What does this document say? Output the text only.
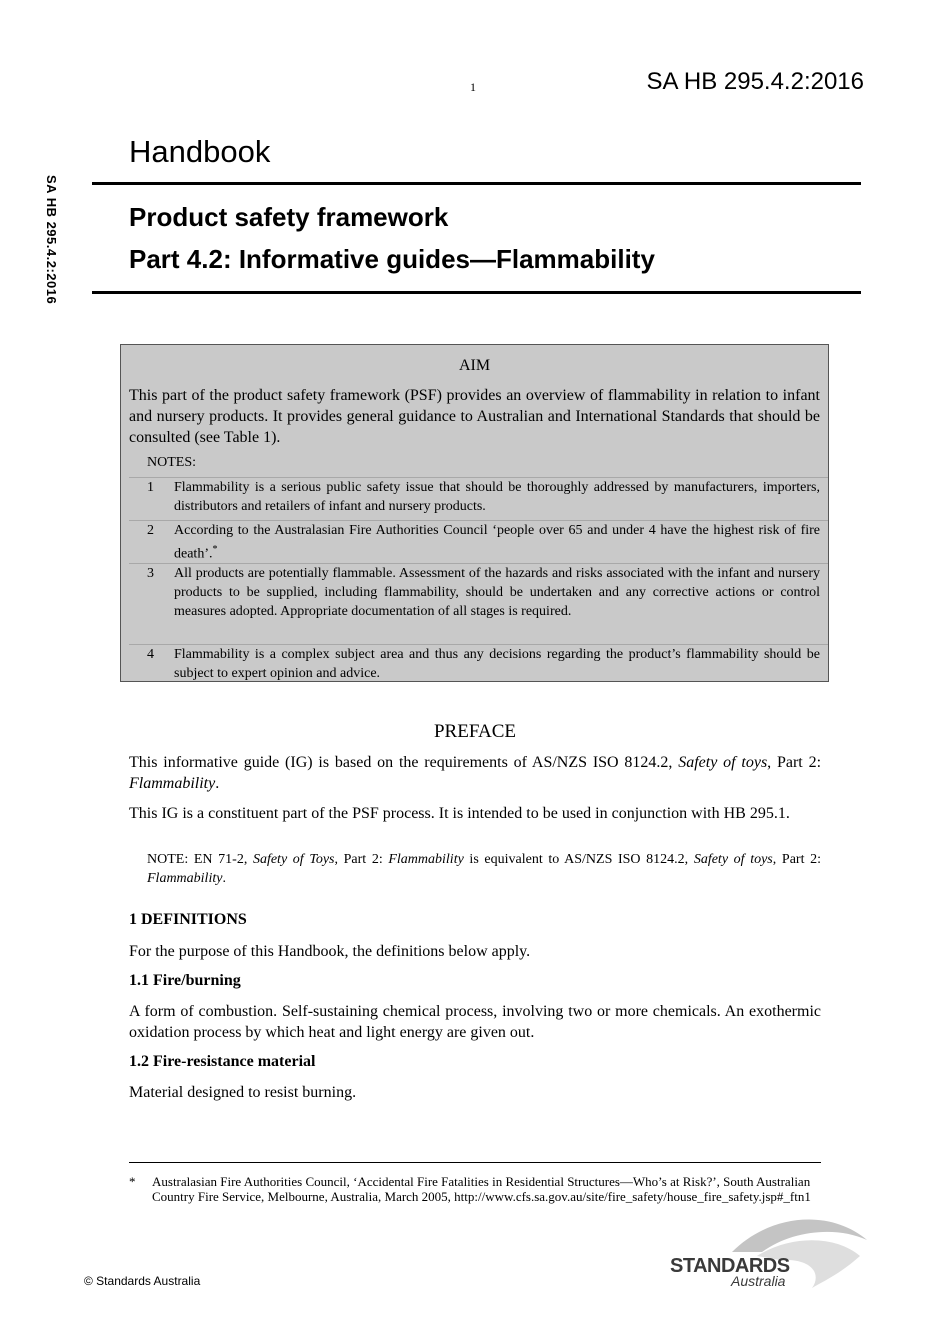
1	SA HB 295.4.2:2016
SA HB 295.4.2:2016
Handbook
Product safety framework
Part 4.2: Informative guides—Flammability
AIM
This part of the product safety framework (PSF) provides an overview of flammability in relation to infant and nursery products. It provides general guidance to Australian and International Standards that should be consulted (see Table 1).
NOTES:
1 Flammability is a serious public safety issue that should be thoroughly addressed by manufacturers, importers, distributors and retailers of infant and nursery products.
2 According to the Australasian Fire Authorities Council ‘people over 65 and under 4 have the highest risk of fire death’.*
3 All products are potentially flammable. Assessment of the hazards and risks associated with the infant and nursery products to be supplied, including flammability, should be undertaken and any corrective actions or control measures adopted. Appropriate documentation of all stages is required.
4 Flammability is a complex subject area and thus any decisions regarding the product’s flammability should be subject to expert opinion and advice.
PREFACE
This informative guide (IG) is based on the requirements of AS/NZS ISO 8124.2, Safety of toys, Part 2: Flammability.
This IG is a constituent part of the PSF process. It is intended to be used in conjunction with HB 295.1.
NOTE: EN 71-2, Safety of Toys, Part 2: Flammability is equivalent to AS/NZS ISO 8124.2, Safety of toys, Part 2: Flammability.
1 DEFINITIONS
For the purpose of this Handbook, the definitions below apply.
1.1 Fire/burning
A form of combustion. Self-sustaining chemical process, involving two or more chemicals. An exothermic oxidation process by which heat and light energy are given out.
1.2 Fire-resistance material
Material designed to resist burning.
* Australasian Fire Authorities Council, ‘Accidental Fire Fatalities in Residential Structures—Who’s at Risk?’, South Australian Country Fire Service, Melbourne, Australia, March 2005, http://www.cfs.sa.gov.au/site/fire_safety/house_fire_safety.jsp#_ftn1
© Standards Australia
STANDARDS
Australia
